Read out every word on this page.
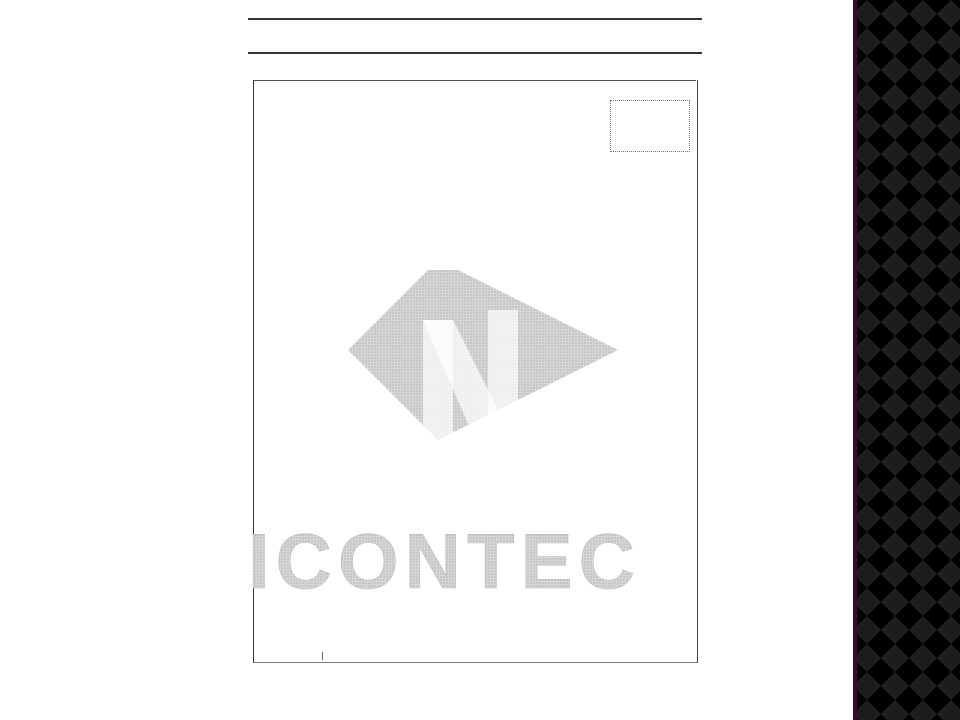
ICONTEC
